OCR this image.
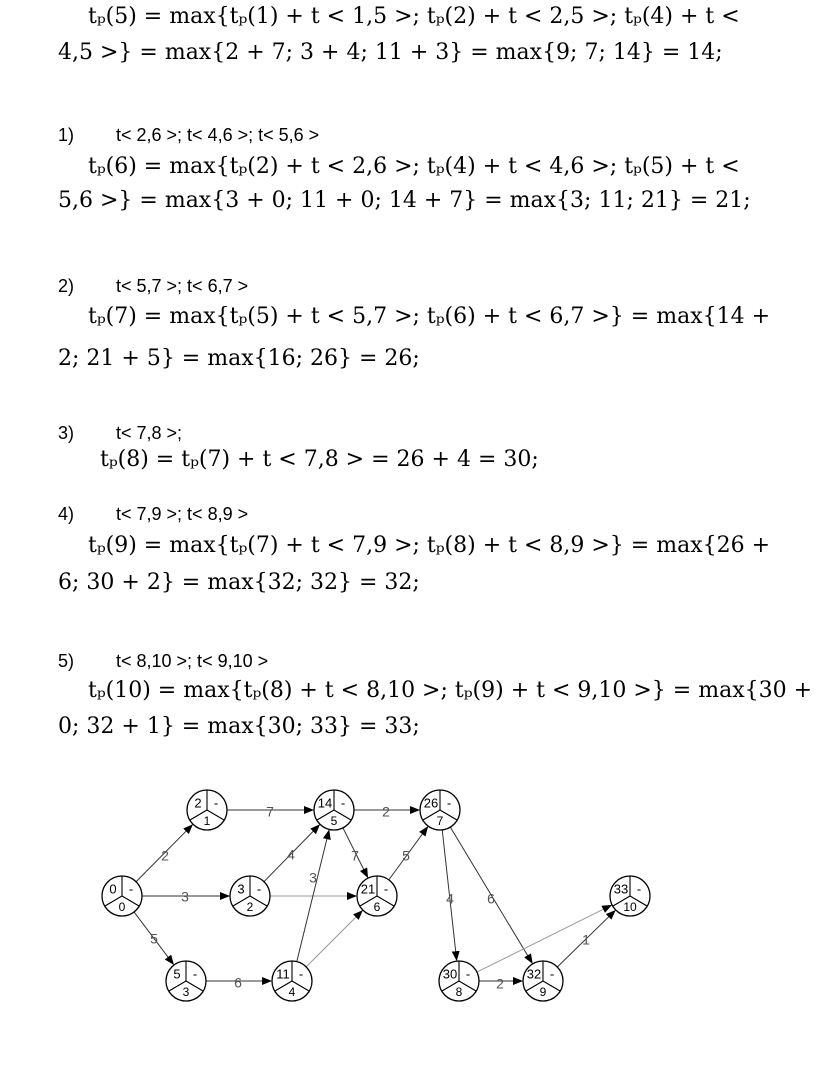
tₚ(5) = max{tₚ(1) + t < 1,5 >; tₚ(2) + t < 2,5 >; tₚ(4) + t <
4,5 >} = max{2 + 7; 3 + 4; 11 + 3} = max{9; 7; 14} = 14;
1) t< 2,6 >; t< 4,6 >; t< 5,6 >
tₚ(6) = max{tₚ(2) + t < 2,6 >; tₚ(4) + t < 4,6 >; tₚ(5) + t <
5,6 >} = max{3 + 0; 11 + 0; 14 + 7} = max{3; 11; 21} = 21;
2) t< 5,7 >; t< 6,7 >
tₚ(7) = max{tₚ(5) + t < 5,7 >; tₚ(6) + t < 6,7 >} = max{14 +
2; 21 + 5} = max{16; 26} = 26;
3) t< 7,8 >;
tₚ(8) = tₚ(7) + t < 7,8 > = 26 + 4 = 30;
4) t< 7,9 >; t< 8,9 >
tₚ(9) = max{tₚ(7) + t < 7,9 >; tₚ(8) + t < 8,9 >} = max{26 +
6; 30 + 2} = max{32; 32} = 32;
5) t< 8,10 >; t< 9,10 >
tₚ(10) = max{tₚ(8) + t < 8,10 >; tₚ(9) + t < 9,10 >} = max{30 +
0; 32 + 1} = max{30; 33} = 33;
2
3
5
7
4
6
3
2
7	5
4 6
2
1
0 -
0
2 -
1
3 -
2
5 -
3
11 -
4
14 -
5
21 -
6
26 -
7
30 -
8
32 -
9
33 -
10
